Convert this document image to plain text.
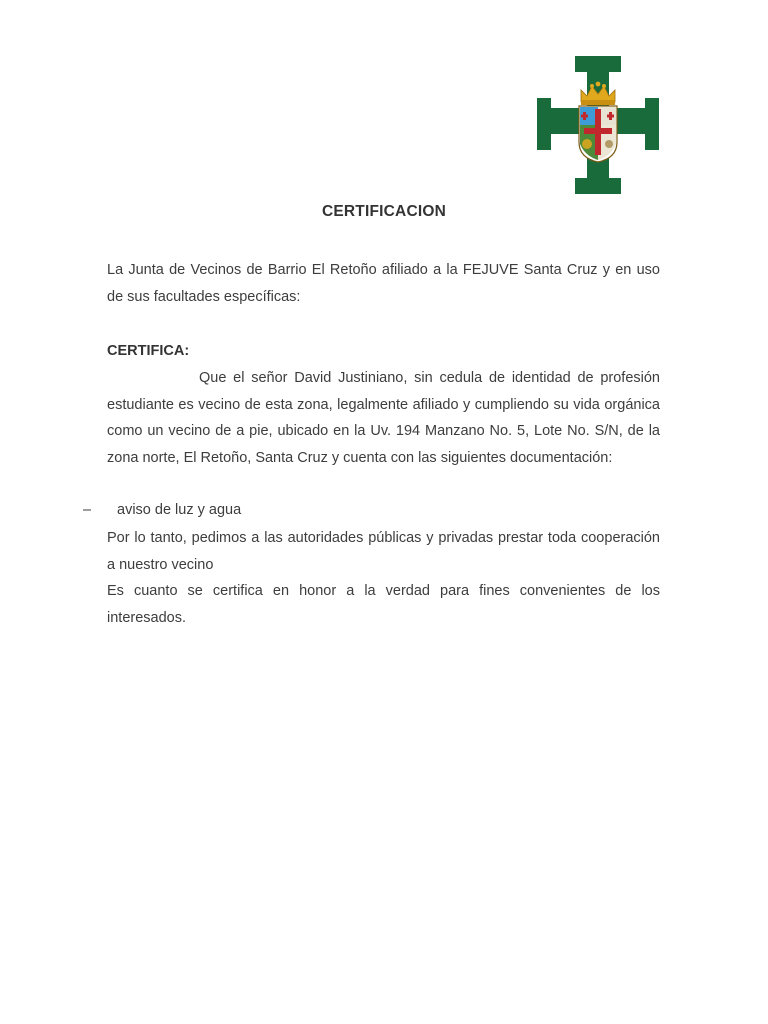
CERTIFICACION

La Junta de Vecinos de Barrio El Retoño afiliado a la FEJUVE Santa Cruz y en uso de sus facultades específicas:

CERTIFICA:

Que el señor David Justiniano, sin cedula de identidad de profesión estudiante es vecino de esta zona, legalmente afiliado y cumpliendo su vida orgánica como un vecino de a pie, ubicado en la Uv. 194 Manzano No. 5, Lote No. S/N, de la zona norte, El Retoño, Santa Cruz y cuenta con las siguientes documentación:

– aviso de luz y agua

Por lo tanto, pedimos a las autoridades públicas y privadas prestar toda cooperación a nuestro vecino

Es cuanto se certifica en honor a la verdad para fines convenientes de los interesados.
